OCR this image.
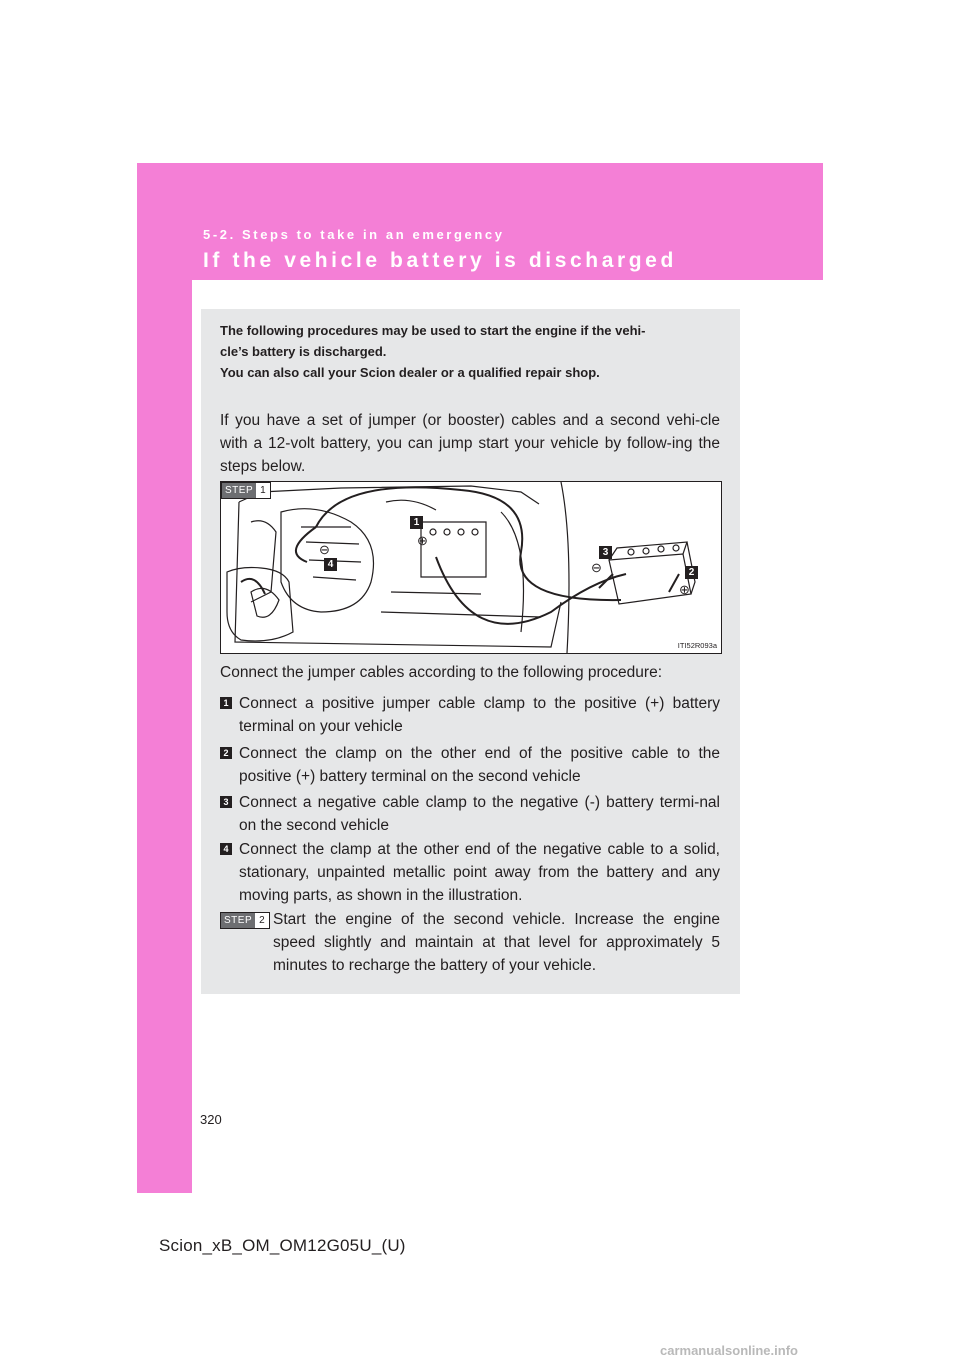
5-2. Steps to take in an emergency
If the vehicle battery is discharged

The following procedures may be used to start the engine if the vehi-

cle’s battery is discharged.

You can also call your Scion dealer or a qualified repair shop.

If you have a set of jumper (or booster) cables and a second vehi-cle with a 12-volt battery, you can jump start your vehicle by follow-ing the steps below.
⊕
⊕
⊖
⊖
STEP 1
1
2
3
4
ITI52R093a
Connect the jumper cables according to the following procedure:
1 Connect a positive jumper cable clamp to the positive (+) battery terminal on your vehicle
2 Connect the clamp on the other end of the positive cable to the positive (+) battery terminal on the second vehicle
3 Connect a negative cable clamp to the negative (-) battery termi-nal on the second vehicle
4 Connect the clamp at the other end of the negative cable to a solid, stationary, unpainted metallic point away from the battery and any moving parts, as shown in the illustration.
STEP 2 Start the engine of the second vehicle. Increase the engine speed slightly and maintain at that level for approximately 5 minutes to recharge the battery of your vehicle.
320
Scion_xB_OM_OM12G05U_(U)
carmanualsonline.info
